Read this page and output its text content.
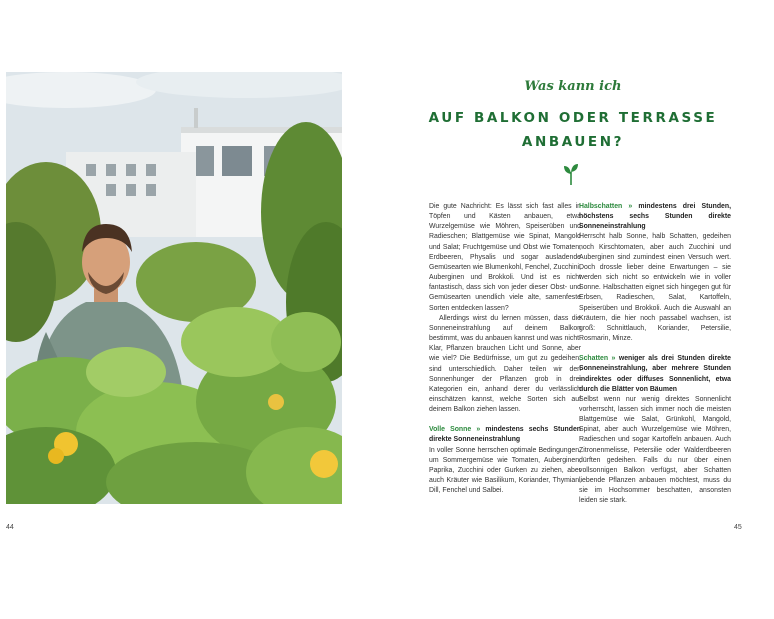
44	45
Was kann ich
AUF BALKON ODER TERRASSE
ANBAUEN?

Die gute Nachricht: Es lässt sich fast alles in Töpfen und Kästen anbauen, etwa Wurzelgemüse wie Möhren, Speiserüben und Radieschen; Blattgemüse wie Spinat, Mangold und Salat; Fruchtgemüse und Obst wie Tomaten, Erdbeeren, Physalis und sogar ausladende Gemüsearten wie Blumenkohl, Fenchel, Zucchini, Auberginen und Brokkoli. Und ist es nicht fantastisch, dass sich von jeder dieser Obst- und Gemüsearten unendlich viele alte, samenfeste Sorten entdecken lassen?

Allerdings wirst du lernen müssen, dass die Sonneneinstrahlung auf deinem Balkon bestimmt, was du anbauen kannst und was nicht. Klar, Pflanzen brauchen Licht und Sonne, aber wie viel? Die Bedürfnisse, um gut zu gedeihen, sind unterschiedlich. Daher teilen wir den Sonnenhunger der Pflanzen grob in drei Kategorien ein, anhand derer du verlässlich einschätzen kannst, welche Sorten sich auf deinem Balkon ziehen lassen.

Volle Sonne » mindestens sechs Stunden direkte Sonneneinstrahlung

In voller Sonne herrschen optimale Bedingungen, um Sommergemüse wie Tomaten, Auberginen, Paprika, Zucchini oder Gurken zu ziehen, aber auch Kräuter wie Basilikum, Koriander, Thymian, Dill, Fenchel und Salbei.

Halbschatten » mindestens drei Stunden, höchstens sechs Stunden direkte Sonneneinstrahlung

Herrscht halb Sonne, halb Schatten, gedeihen noch Kirschtomaten, aber auch Zucchini und Auberginen sind zumindest einen Versuch wert. Doch drossle lieber deine Erwartungen – sie werden sich nicht so entwickeln wie in voller Sonne. Halbschatten eignet sich hingegen gut für Erbsen, Radieschen, Salat, Kartoffeln, Speiserüben und Brokkoli. Auch die Auswahl an Kräutern, die hier noch passabel wachsen, ist groß: Schnittlauch, Koriander, Petersilie, Rosmarin, Minze.

Schatten » weniger als drei Stunden direkte Sonneneinstrahlung, aber mehrere Stunden indirektes oder diffuses Sonnenlicht, etwa durch die Blätter von Bäumen

Selbst wenn nur wenig direktes Sonnenlicht vorherrscht, lassen sich immer noch die meisten Blattgemüse wie Salat, Grünkohl, Mangold, Spinat, aber auch Wurzelgemüse wie Möhren, Radieschen und sogar Kartoffeln anbauen. Auch Zitronenmelisse, Petersilie oder Walderdbeeren dürften gedeihen. Falls du nur über einen vollsonnigen Balkon verfügst, aber Schatten liebende Pflanzen anbauen möchtest, muss du sie im Hochsommer beschatten, ansonsten leiden sie stark.
